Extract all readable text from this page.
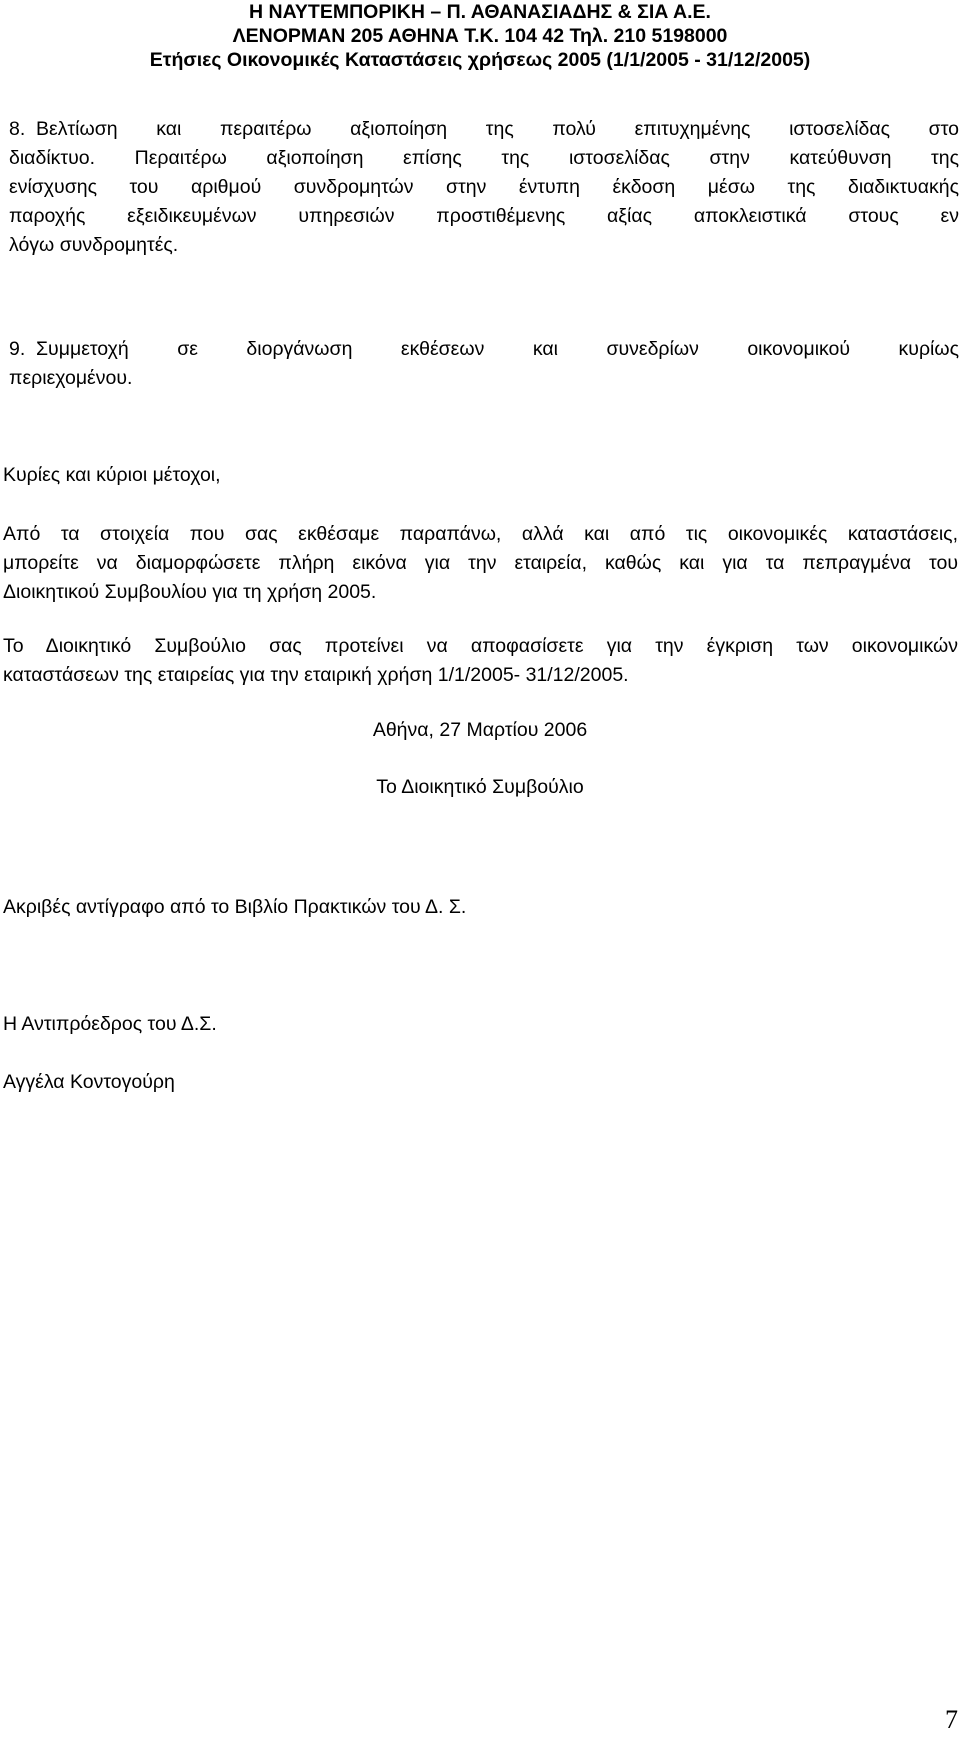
Η ΝΑΥΤΕΜΠΟΡΙΚΗ – Π. ΑΘΑΝΑΣΙΑΔΗΣ & ΣΙΑ Α.Ε.
ΛΕΝΟΡΜΑΝ 205 ΑΘΗΝΑ Τ.Κ. 104 42 Τηλ. 210 5198000
Ετήσιες Οικονομικές Καταστάσεις χρήσεως 2005 (1/1/2005 - 31/12/2005)
8. Βελτίωση και περαιτέρω αξιοποίηση της πολύ επιτυχημένης ιστοσελίδας στο
διαδίκτυο. Περαιτέρω αξιοποίηση επίσης της ιστοσελίδας στην κατεύθυνση της
ενίσχυσης του αριθμού συνδρομητών στην έντυπη έκδοση μέσω της διαδικτυακής
παροχής εξειδικευμένων υπηρεσιών προστιθέμενης αξίας αποκλειστικά στους εν
λόγω συνδρομητές.
9. Συμμετοχή σε διοργάνωση εκθέσεων και συνεδρίων οικονομικού κυρίως
περιεχομένου.
Κυρίες και κύριοι μέτοχοι,
Από τα στοιχεία που σας εκθέσαμε παραπάνω, αλλά και από τις οικονομικές καταστάσεις,
μπορείτε να διαμορφώσετε πλήρη εικόνα για την εταιρεία, καθώς και για τα πεπραγμένα του
Διοικητικού Συμβουλίου για τη χρήση 2005.
Το Διοικητικό Συμβούλιο σας προτείνει να αποφασίσετε για την έγκριση των οικονομικών
καταστάσεων της εταιρείας για την εταιρική χρήση 1/1/2005- 31/12/2005.
Αθήνα, 27 Μαρτίου 2006
Το Διοικητικό Συμβούλιο
Ακριβές αντίγραφο από το Βιβλίο Πρακτικών του Δ. Σ.
Η Αντιπρόεδρος του Δ.Σ.
Αγγέλα Κοντογούρη
7
